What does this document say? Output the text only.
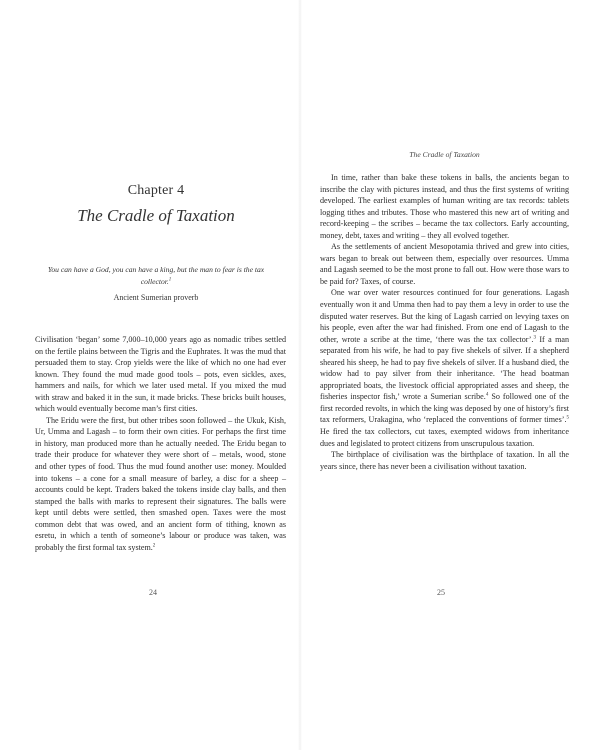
Chapter 4
The Cradle of Taxation
You can have a God, you can have a king, but the man to fear is the tax collector.$^1$
Ancient Sumerian proverb

Civilisation ‘began’ some 7,000–10,000 years ago as nomadic tribes settled on the fertile plains between the Tigris and the Euphrates. It was the mud that persuaded them to stay. Crop yields were the like of which no one had ever known. They found the mud made good tools – pots, even sickles, axes, hammers and nails, for which we later used metal. If you mixed the mud with straw and baked it in the sun, it made bricks. These bricks built houses, which would eventually become man’s first cities.

The Eridu were the first, but other tribes soon followed – the Ukuk, Kish, Ur, Umma and Lagash – to form their own cities. For perhaps the first time in history, man produced more than he actually needed. The Eridu began to trade their produce for whatever they were short of – metals, wood, stone and other types of food. Thus the mud found another use: money. Moulded into tokens – a cone for a small measure of barley, a disc for a sheep – accounts could be kept. Traders baked the tokens inside clay balls, and then stamped the balls with marks to represent their signatures. The balls were kept until debts were settled, then smashed open. Taxes were the most common debt that was owed, and an ancient form of tithing, known as esretu, in which a tenth of someone’s labour or produce was taken, was probably the first formal tax system.$^2$

24
The Cradle of Taxation

In time, rather than bake these tokens in balls, the ancients began to inscribe the clay with pictures instead, and thus the first systems of writing developed. The earliest examples of human writing are tax records: tablets logging tithes and tributes. Those who mastered this new art of writing and record-keeping – the scribes – became the tax collectors. Early accounting, money, debt, taxes and writing – they all evolved together.

As the settlements of ancient Mesopotamia thrived and grew into cities, wars began to break out between them, especially over resources. Umma and Lagash seemed to be the most prone to fall out. How were those wars to be paid for? Taxes, of course.

One war over water resources continued for four generations. Lagash eventually won it and Umma then had to pay them a levy in order to use the disputed water reserves. But the king of Lagash carried on levying taxes on his people, even after the war had finished. From one end of Lagash to the other, wrote a scribe at the time, ‘there was the tax collector’.$^3$ If a man separated from his wife, he had to pay five shekels of silver. If a shepherd sheared his sheep, he had to pay five shekels of silver. If a husband died, the widow had to pay silver from their inheritance. ‘The head boatman appropriated boats, the livestock official appropriated asses and sheep, the fisheries inspector fish,’ wrote a Sumerian scribe.$^4$ So followed one of the first recorded revolts, in which the king was deposed by one of history’s first tax reformers, Urakagina, who ‘replaced the conventions of former times’.$^5$ He fired the tax collectors, cut taxes, exempted widows from inheritance dues and legislated to protect citizens from unscrupulous taxation.

The birthplace of civilisation was the birthplace of taxation. In all the years since, there has never been a civilisation without taxation.

25
